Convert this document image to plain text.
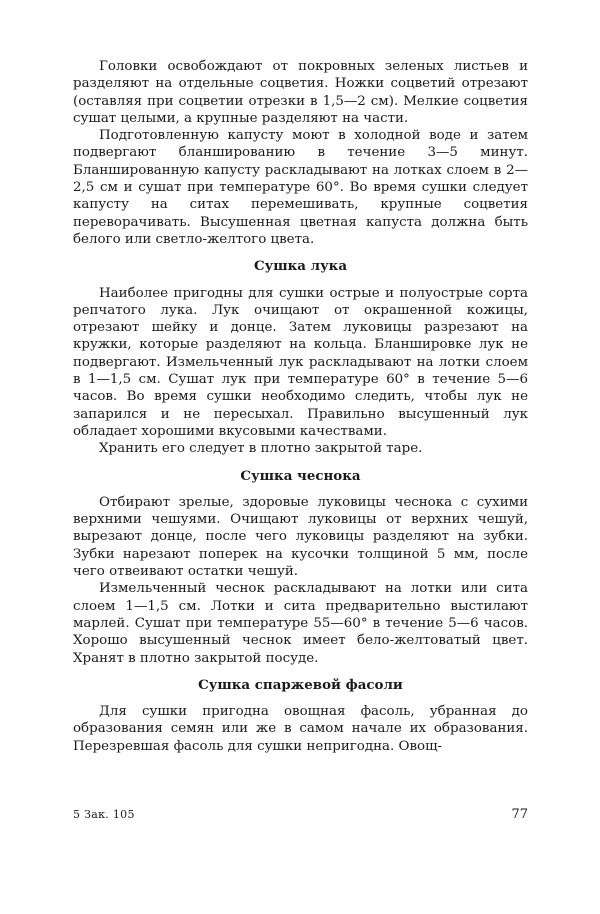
Головки освобождают от покровных зеленых листьев и разделяют на отдельные соцветия. Ножки соцветий отрезают (оставляя при соцветии отрезки в 1,5—2 см). Мелкие соцветия сушат целыми, а крупные разделяют на части.

Подготовленную капусту моют в холодной воде и затем подвергают бланшированию в течение 3—5 минут. Бланшированную капусту раскладывают на лотках слоем в 2—2,5 см и сушат при температуре 60°. Во время сушки следует капусту на ситах перемешивать, крупные соцветия переворачивать. Высушенная цветная капуста должна быть белого или светло-желтого цвета.

Сушка лука

Наиболее пригодны для сушки острые и полуострые сорта репчатого лука. Лук очищают от окрашенной кожицы, отрезают шейку и донце. Затем луковицы разрезают на кружки, которые разделяют на кольца. Бланшировке лук не подвергают. Измельченный лук раскладывают на лотки слоем в 1—1,5 см. Сушат лук при температуре 60° в течение 5—6 часов. Во время сушки необходимо следить, чтобы лук не запарился и не пересыхал. Правильно высушенный лук обладает хорошими вкусовыми качествами.

Хранить его следует в плотно закрытой таре.

Сушка чеснока

Отбирают зрелые, здоровые луковицы чеснока с сухими верхними чешуями. Очищают луковицы от верхних чешуй, вырезают донце, после чего луковицы разделяют на зубки. Зубки нарезают поперек на кусочки толщиной 5 мм, после чего отвеивают остатки чешуй.

Измельченный чеснок раскладывают на лотки или сита слоем 1—1,5 см. Лотки и сита предварительно выстилают марлей. Сушат при температуре 55—60° в течение 5—6 часов. Хорошо высушенный чеснок имеет бело-желтоватый цвет. Хранят в плотно закрытой посуде.

Сушка спаржевой фасоли

Для сушки пригодна овощная фасоль, убранная до образования семян или же в самом начале их образования. Перезревшая фасоль для сушки непригодна. Овощ-

5 Зак. 105	77
